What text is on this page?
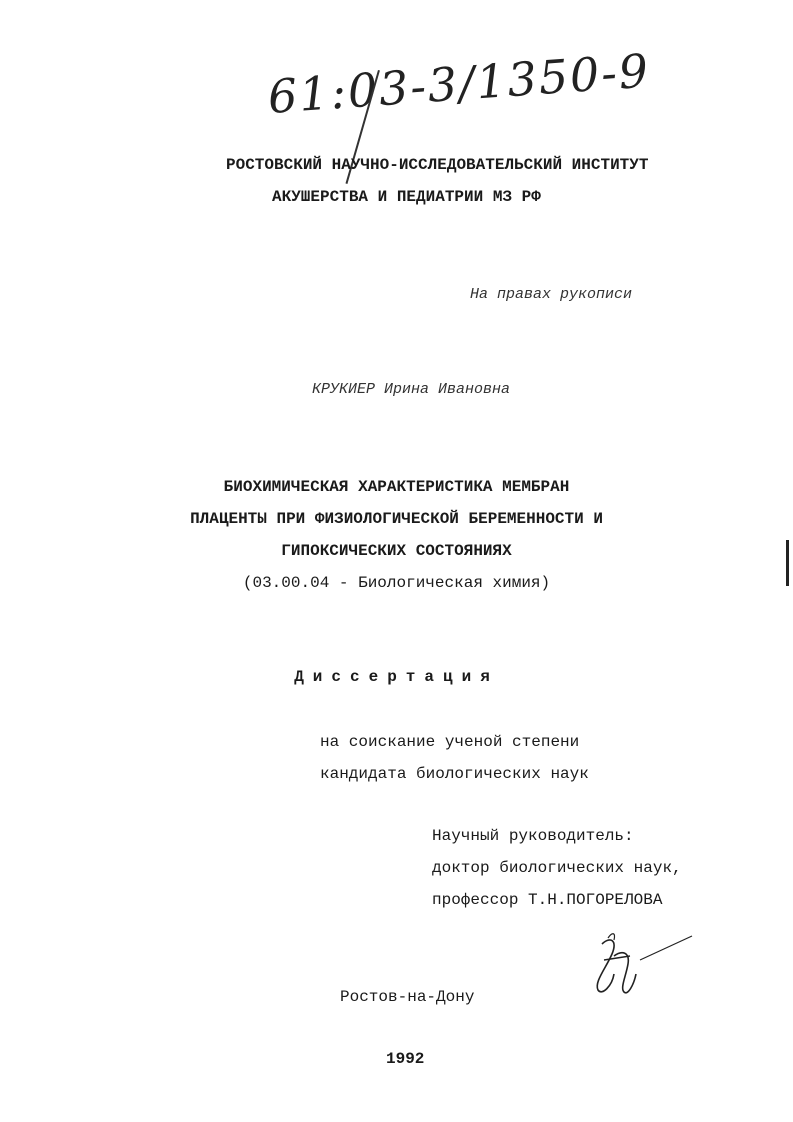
61:03-3/1350-9
РОСТОВСКИЙ НАУЧНО-ИССЛЕДОВАТЕЛЬСКИЙ ИНСТИТУТ
АКУШЕРСТВА И ПЕДИАТРИИ МЗ РФ
На правах рукописи
КРУКИЕР Ирина Ивановна
БИОХИМИЧЕСКАЯ ХАРАКТЕРИСТИКА МЕМБРАН
ПЛАЦЕНТЫ ПРИ ФИЗИОЛОГИЧЕСКОЙ БЕРЕМЕННОСТИ И
ГИПОКСИЧЕСКИХ СОСТОЯНИЯХ
(03.00.04 - Биологическая химия)
Диссертация
на соискание ученой степени
кандидата биологических наук
Научный руководитель:
доктор биологических наук,
профессор Т.Н.ПОГОРЕЛОВА
Ростов-на-Дону
1992
